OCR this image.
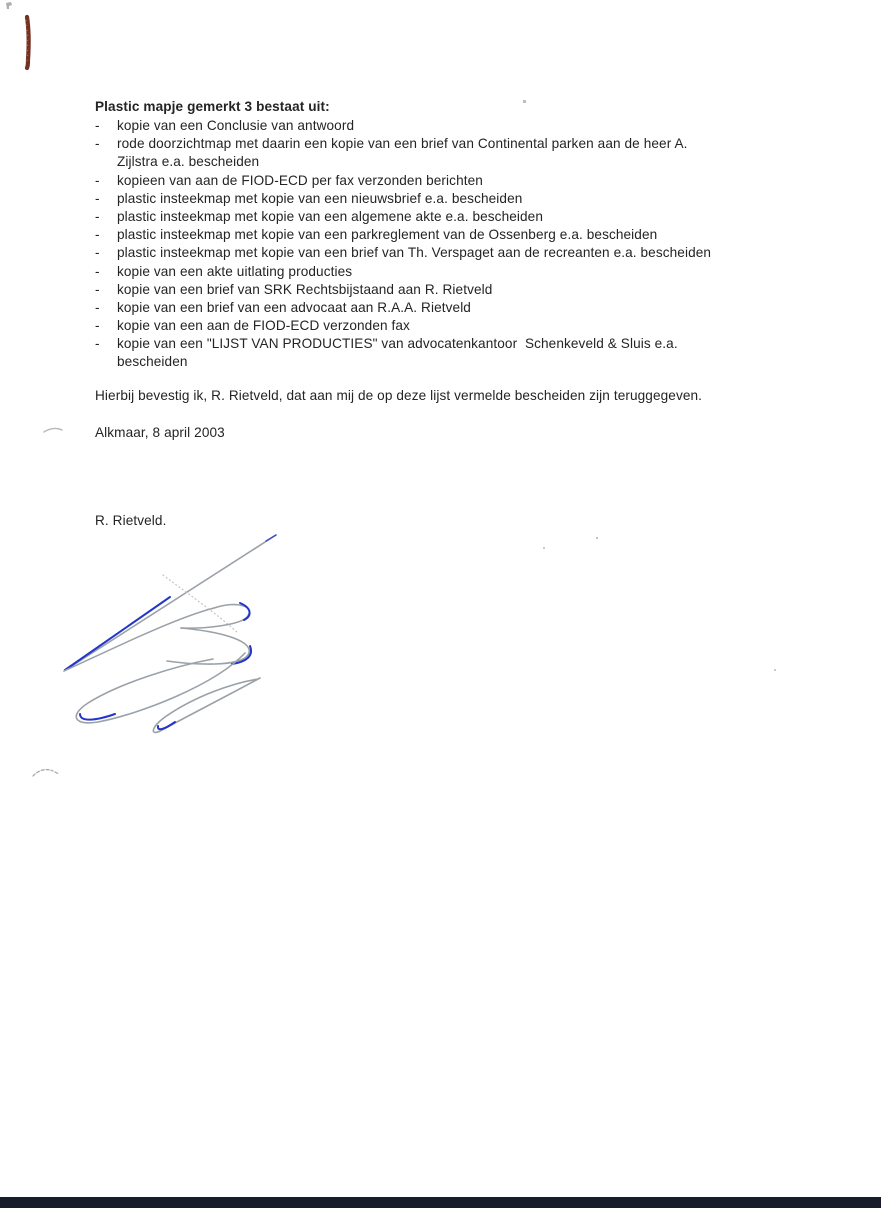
Plastic mapje gemerkt 3 bestaat uit:
-	kopie van een Conclusie van antwoord
-	rode doorzichtmap met daarin een kopie van een brief van Continental parken aan de heer A.
Zijlstra e.a. bescheiden
-	kopieen van aan de FIOD-ECD per fax verzonden berichten
-	plastic insteekmap met kopie van een nieuwsbrief e.a. bescheiden
-	plastic insteekmap met kopie van een algemene akte e.a. bescheiden
-	plastic insteekmap met kopie van een parkreglement van de Ossenberg e.a. bescheiden
-	plastic insteekmap met kopie van een brief van Th. Verspaget aan de recreanten e.a. bescheiden
-	kopie van een akte uitlating producties
-	kopie van een brief van SRK Rechtsbijstaand aan R. Rietveld
-	kopie van een brief van een advocaat aan R.A.A. Rietveld
-	kopie van een aan de FIOD-ECD verzonden fax
-	kopie van een "LIJST VAN PRODUCTIES" van advocatenkantoor  Schenkeveld & Sluis e.a.
bescheiden
Hierbij bevestig ik, R. Rietveld, dat aan mij de op deze lijst vermelde bescheiden zijn teruggegeven.
Alkmaar, 8 april 2003
R. Rietveld.
